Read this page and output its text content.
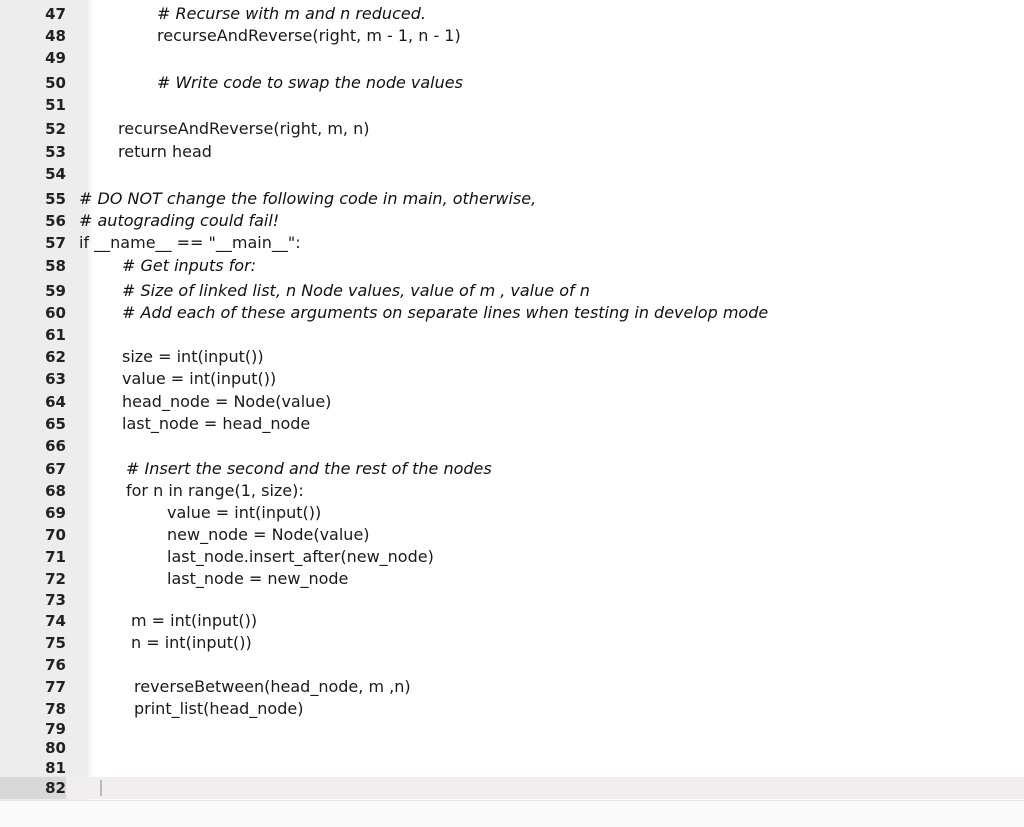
47	# Recurse with m and n reduced.
48	recurseAndReverse(right, m - 1, n - 1)
49
50	# Write code to swap the node values
51
52	recurseAndReverse(right, m, n)
53	return head
54
55 # DO NOT change the following code in main, otherwise,
56 # autograding could fail!
57 if __name__ == "__main__":
58	# Get inputs for:
59	# Size of linked list, n Node values, value of m , value of n
60	# Add each of these arguments on separate lines when testing in develop mode
61
62	size = int(input())
63	value = int(input())
64	head_node = Node(value)
65	last_node = head_node
66
67	# Insert the second and the rest of the nodes
68	for n in range(1, size):
69	value = int(input())
70	new_node = Node(value)
71	last_node.insert_after(new_node)
72	last_node = new_node
73
74	m = int(input())
75	n = int(input())
76
77	reverseBetween(head_node, m ,n)
78	print_list(head_node)
79
80
81
82
